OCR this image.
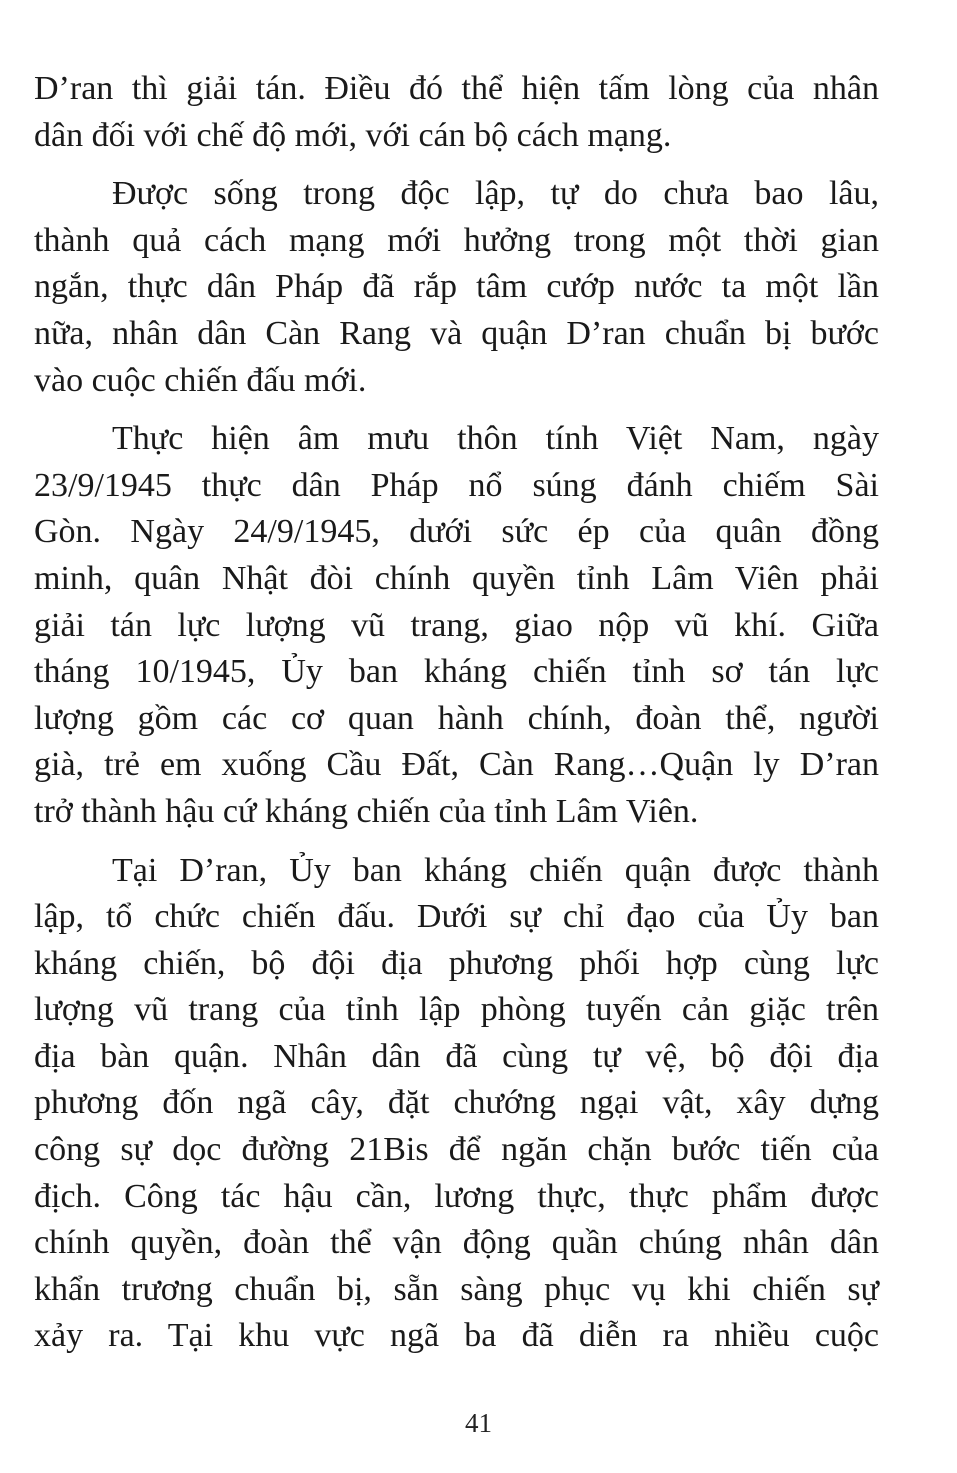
D’ran thì giải tán. Điều đó thể hiện tấm lòng của nhân
dân đối với chế độ mới, với cán bộ cách mạng.
Được sống trong độc lập, tự do chưa bao lâu,
thành quả cách mạng mới hưởng trong một thời gian
ngắn, thực dân Pháp đã rắp tâm cướp nước ta một lần
nữa, nhân dân Càn Rang và quận D’ran chuẩn bị bước
vào cuộc chiến đấu mới.
Thực hiện âm mưu thôn tính Việt Nam, ngày
23/9/1945 thực dân Pháp nổ súng đánh chiếm Sài
Gòn. Ngày 24/9/1945, dưới sức ép của quân đồng
minh, quân Nhật đòi chính quyền tỉnh Lâm Viên phải
giải tán lực lượng vũ trang, giao nộp vũ khí. Giữa
tháng 10/1945, Ủy ban kháng chiến tỉnh sơ tán lực
lượng gồm các cơ quan hành chính, đoàn thể, người
già, trẻ em xuống Cầu Đất, Càn Rang…Quận ly D’ran
trở thành hậu cứ kháng chiến của tỉnh Lâm Viên.
Tại D’ran, Ủy ban kháng chiến quận được thành
lập, tổ chức chiến đấu. Dưới sự chỉ đạo của Ủy ban
kháng chiến, bộ đội địa phương phối hợp cùng lực
lượng vũ trang của tỉnh lập phòng tuyến cản giặc trên
địa bàn quận. Nhân dân đã cùng tự vệ, bộ đội địa
phương đốn ngã cây, đặt chướng ngại vật, xây dựng
công sự dọc đường 21Bis để ngăn chặn bước tiến của
địch. Công tác hậu cần, lương thực, thực phẩm được
chính quyền, đoàn thể vận động quần chúng nhân dân
khẩn trương chuẩn bị, sẵn sàng phục vụ khi chiến sự
xảy ra. Tại khu vực ngã ba đã diễn ra nhiều cuộc
41
